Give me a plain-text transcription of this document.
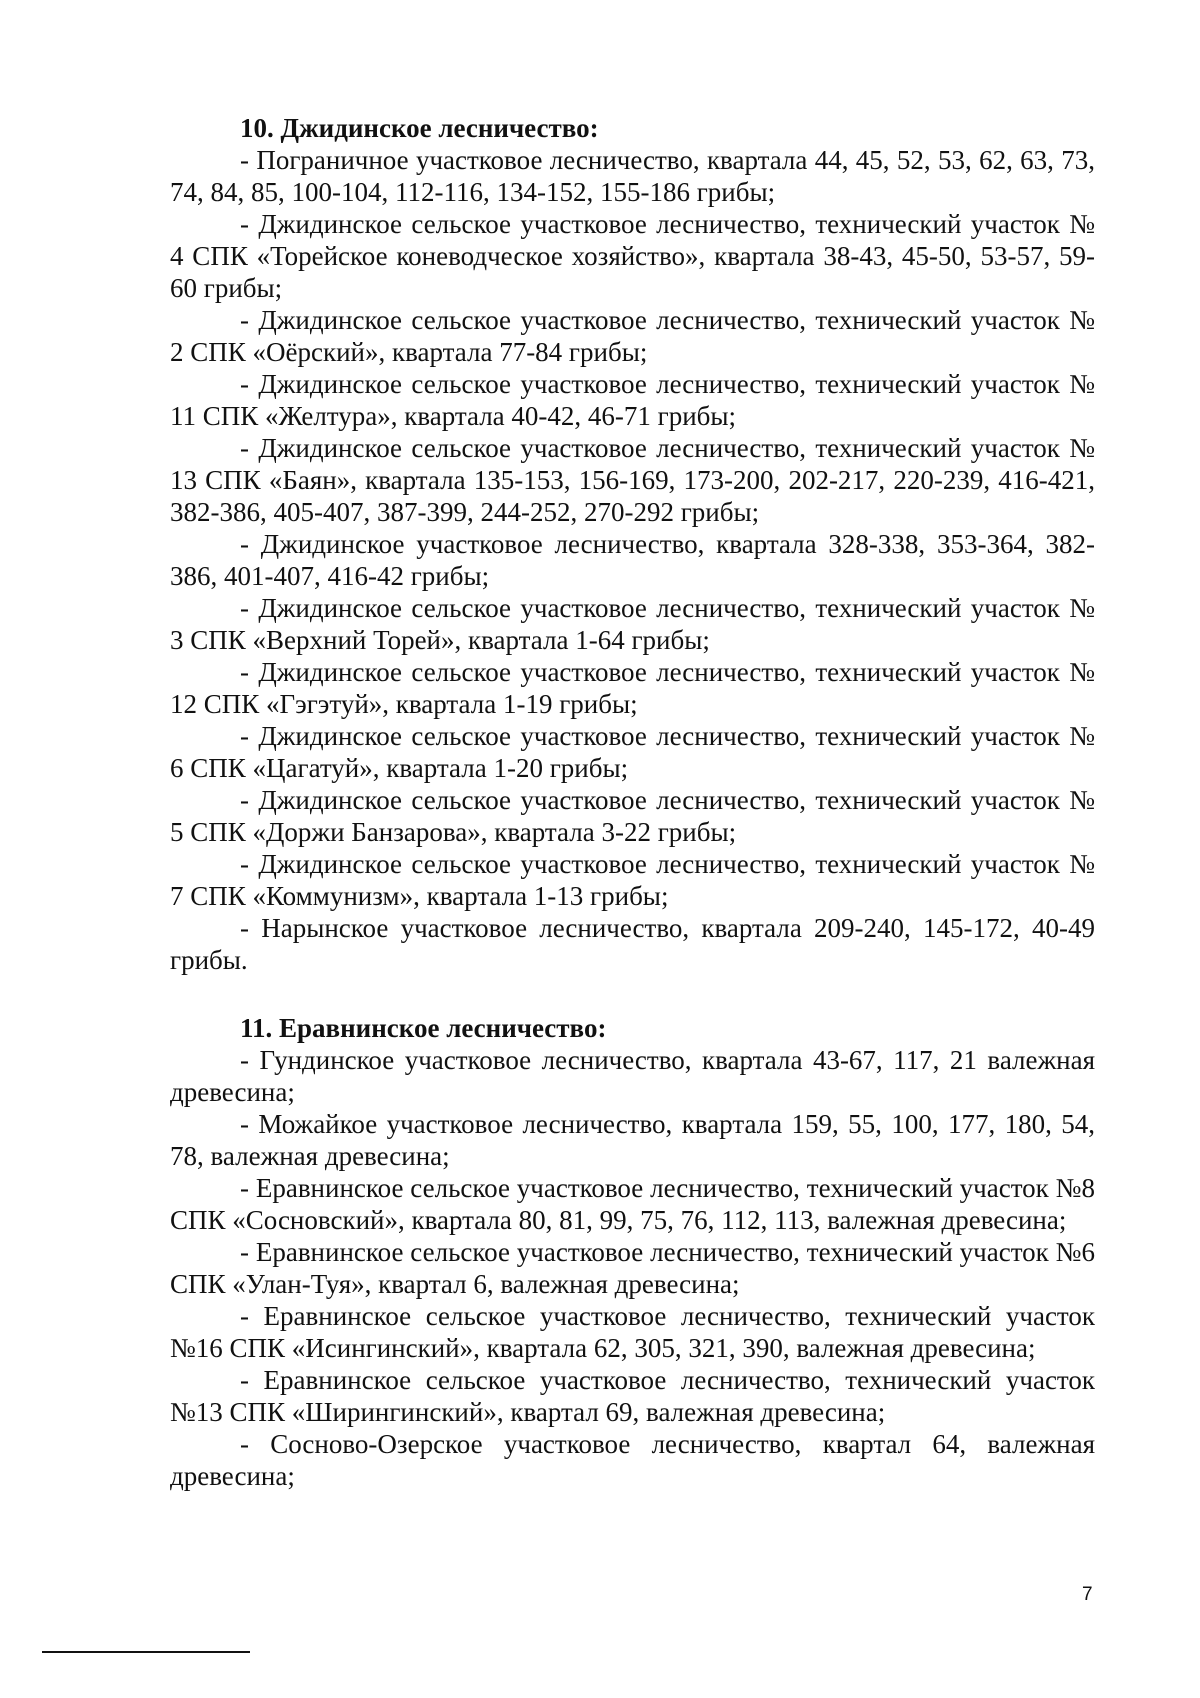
10. Джидинское лесничество:

- Пограничное участковое лесничество, квартала 44, 45, 52, 53, 62, 63, 73, 74, 84, 85, 100-104, 112-116, 134-152, 155-186 грибы;

- Джидинское сельское участковое лесничество, технический участок № 4 СПК «Торейское коневодческое хозяйство», квартала 38-43, 45-50, 53-57, 59-60 грибы;

- Джидинское сельское участковое лесничество, технический участок № 2 СПК «Оёрский», квартала 77-84 грибы;

- Джидинское сельское участковое лесничество, технический участок № 11 СПК «Желтура», квартала 40-42, 46-71 грибы;

- Джидинское сельское участковое лесничество, технический участок № 13 СПК «Баян», квартала 135-153, 156-169, 173-200, 202-217, 220-239, 416-421, 382-386, 405-407, 387-399, 244-252, 270-292 грибы;

- Джидинское участковое лесничество, квартала 328-338, 353-364, 382-386, 401-407, 416-42 грибы;

- Джидинское сельское участковое лесничество, технический участок № 3 СПК «Верхний Торей», квартала 1-64 грибы;

- Джидинское сельское участковое лесничество, технический участок № 12 СПК «Гэгэтуй», квартала 1-19 грибы;

- Джидинское сельское участковое лесничество, технический участок № 6 СПК «Цагатуй», квартала 1-20 грибы;

- Джидинское сельское участковое лесничество, технический участок № 5 СПК «Доржи Банзарова», квартала 3-22 грибы;

- Джидинское сельское участковое лесничество, технический участок № 7 СПК «Коммунизм», квартала 1-13 грибы;

- Нарынское участковое лесничество, квартала 209-240, 145-172, 40-49 грибы.

11. Еравнинское лесничество:

- Гундинское участковое лесничество, квартала 43-67, 117, 21 валежная древесина;

- Можайкое участковое лесничество, квартала 159, 55, 100, 177, 180, 54, 78, валежная древесина;

- Еравнинское сельское участковое лесничество, технический участок №8 СПК «Сосновский», квартала 80, 81, 99, 75, 76, 112, 113, валежная древесина;

- Еравнинское сельское участковое лесничество, технический участок №6 СПК «Улан-Туя», квартал 6, валежная древесина;

- Еравнинское сельское участковое лесничество, технический участок №16 СПК «Исингинский», квартала 62, 305, 321, 390, валежная древесина;

- Еравнинское сельское участковое лесничество, технический участок №13 СПК «Ширингинский», квартал 69, валежная древесина;

- Сосново-Озерское участковое лесничество, квартал 64, валежная древесина;

7
